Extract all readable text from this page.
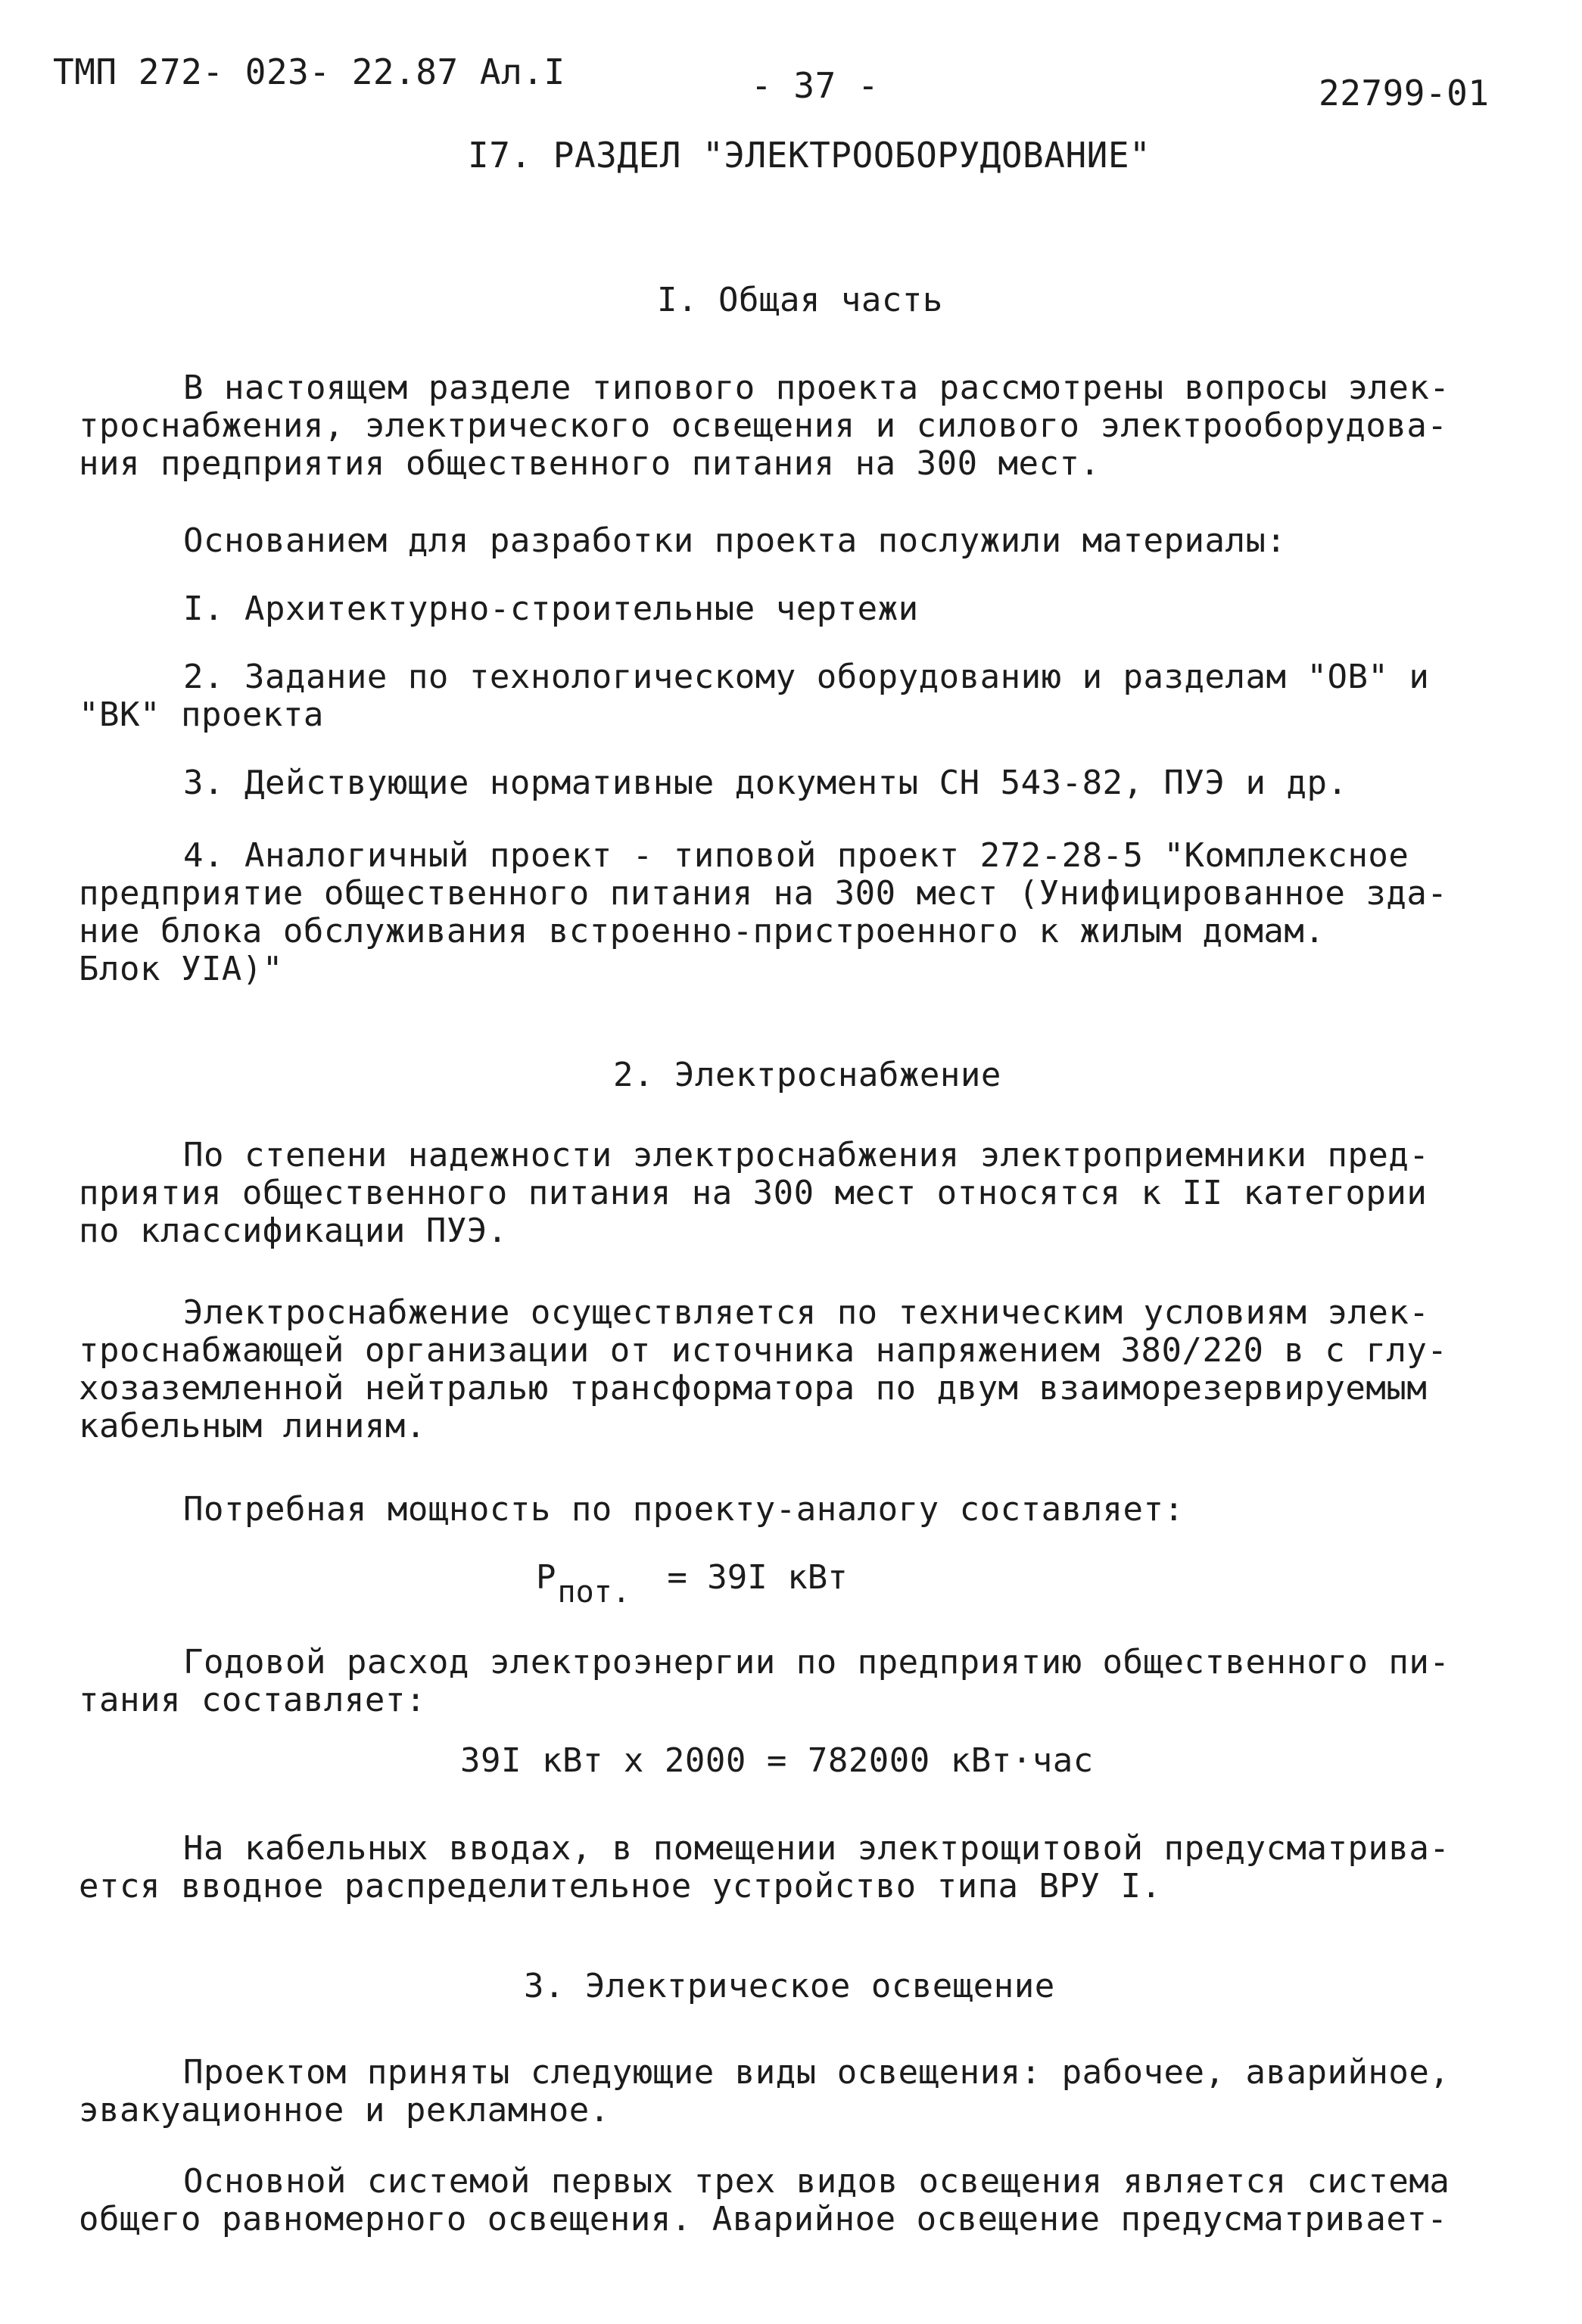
ТМП 272- 023- 22.87 Ал.I	- 37 -	22799-01
I7. РАЗДЕЛ "ЭЛЕКТРООБОРУДОВАНИЕ"
I. Общая часть

В настоящем разделе типового проекта рассмотрены вопросы элек-
троснабжения, электрического освещения и силового электрооборудова-
ния предприятия общественного питания на 300 мест.

Основанием для разработки проекта послужили материалы:

I. Архитектурно-строительные чертежи

2. Задание по технологическому оборудованию и разделам "ОВ" и
"ВК" проекта

3. Действующие нормативные документы СН 543-82, ПУЭ и др.

4. Аналогичный проект - типовой проект 272-28-5 "Комплексное
предприятие общественного питания на 300 мест (Унифицированное зда-
ние блока обслуживания встроенно-пристроенного к жилым домам.
Блок УIА)"

2. Электроснабжение

По степени надежности электроснабжения электроприемники пред-
приятия общественного питания на 300 мест относятся к II категории
по классификации ПУЭ.

Электроснабжение осуществляется по техническим условиям элек-
троснабжающей организации от источника напряжением 380/220 в с глу-
хозаземленной нейтралью трансформатора по двум взаиморезервируемым
кабельным линиям.

Потребная мощность по проекту-аналогу составляет:

Pпот. = 39I кВт

Годовой расход электроэнергии по предприятию общественного пи-
тания составляет:

39I кВт х 2000 = 782000 кВт·час

На кабельных вводах, в помещении электрощитовой предусматрива-
ется вводное распределительное устройство типа ВРУ I.

3. Электрическое освещение

Проектом приняты следующие виды освещения: рабочее, аварийное,
эвакуационное и рекламное.

Основной системой первых трех видов освещения является система
общего равномерного освещения. Аварийное освещение предусматривает-
